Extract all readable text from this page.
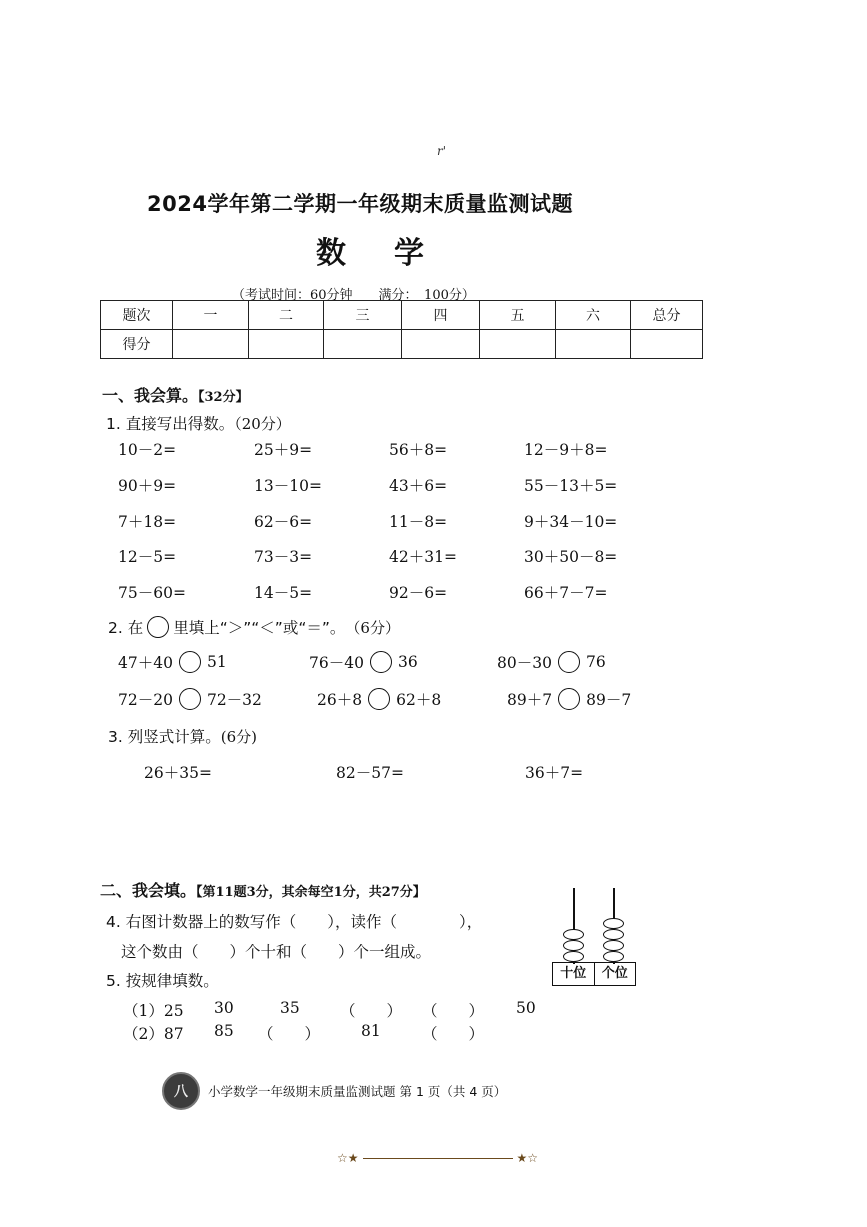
r'
2024学年第二学期一年级期末质量监测试题
数学
（考试时间：60分钟　　满分：　100分）
题次	一	二	三	四	五	六	总分
得分							
一、我会算。【32分】
1. 直接写出得数。（20分）
10－2=	25＋9=	56＋8=	12－9＋8=
90＋9=	13－10=	43＋6=	55－13＋5=
7＋18=	62－6=	11－8=	9＋34－10=
12－5=	73－3=	42＋31=	30＋50－8=
75－60=	14－5=	92－6=	66＋7－7=
2. 在 里填上“＞”“＜”或“＝”。 （6分）
47＋40 51	76－40 36	80－30 76
72－20 72－32	26＋8 62＋8	89＋7 89－7
3. 列竖式计算。(6分)
26＋35=	82－57=	36＋7=
二、我会填。【第11题3分，其余每空1分，共27分】
4. 右图计数器上的数写作（　　），读作（　　　　），
这个数由（　　）个十和（　　）个一组成。
5. 按规律填数。
（1）25 30	35	（　　） （　　） 50
（2）87 85 （　　）	81	（　　）
十位	个位
八	小学数学一年级期末质量监测试题 第 1 页（共 4 页）
☆★	★☆
